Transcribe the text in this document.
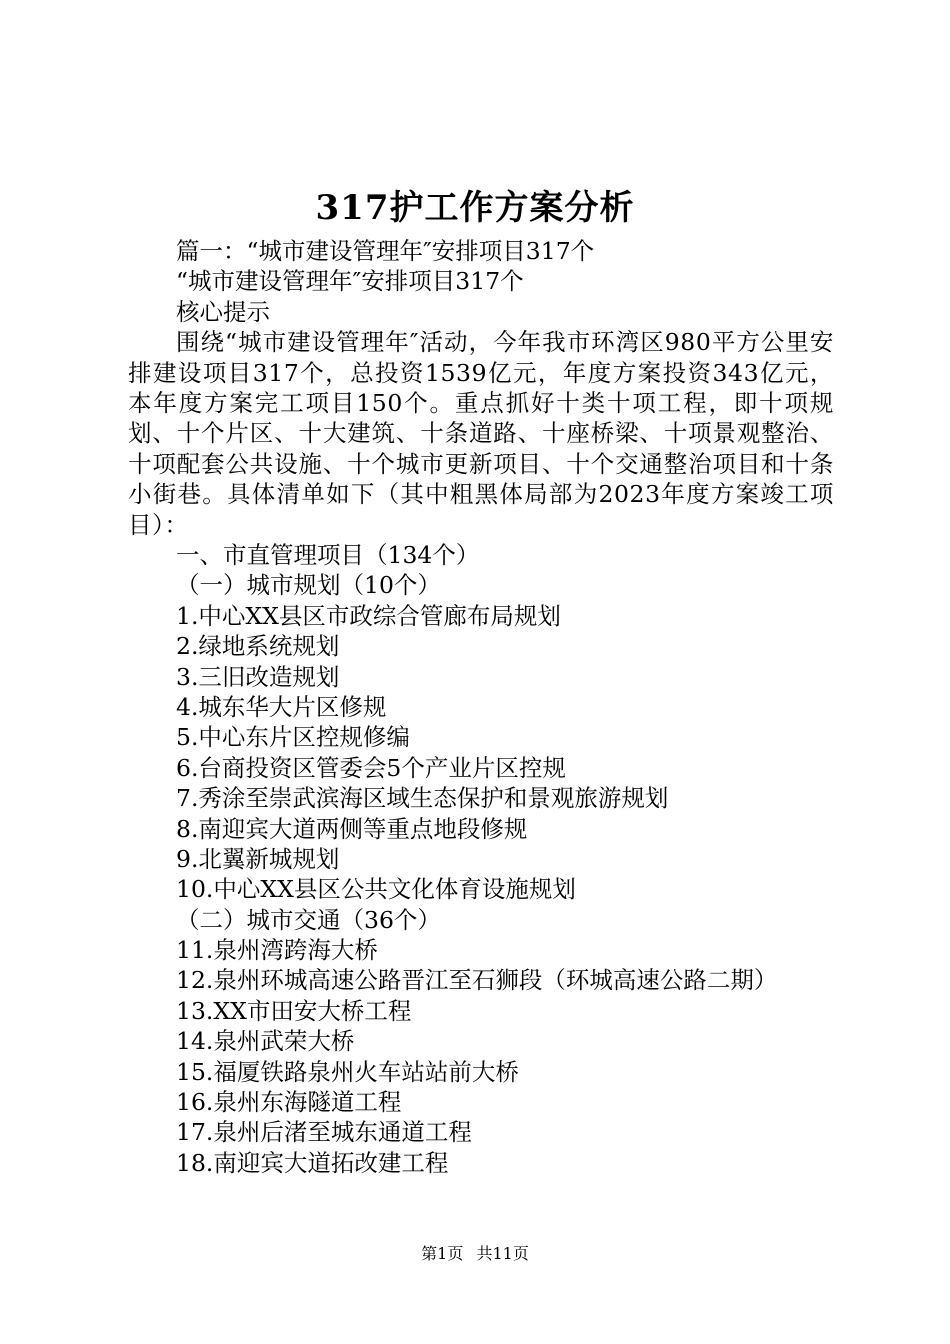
317护工作方案分析
篇一：“城市建设管理年″安排项目317个
“城市建设管理年″安排项目317个
核心提示
围绕“城市建设管理年″活动，今年我市环湾区980平方公里安排建设项目317个，总投资1539亿元，年度方案投资343亿元，本年度方案完工项目150个。重点抓好十类十项工程，即十项规划、十个片区、十大建筑、十条道路、十座桥梁、十项景观整治、十项配套公共设施、十个城市更新项目、十个交通整治项目和十条小街巷。具体清单如下（其中粗黑体局部为2023年度方案竣工项目）：
一、市直管理项目（134个）
（一）城市规划（10个）
1.中心XX县区市政综合管廊布局规划
2.绿地系统规划
3.三旧改造规划
4.城东华大片区修规
5.中心东片区控规修编
6.台商投资区管委会5个产业片区控规
7.秀涂至崇武滨海区域生态保护和景观旅游规划
8.南迎宾大道两侧等重点地段修规
9.北翼新城规划
10.中心XX县区公共文化体育设施规划
（二）城市交通（36个）
11.泉州湾跨海大桥
12.泉州环城高速公路晋江至石狮段（环城高速公路二期）
13.XX市田安大桥工程
14.泉州武荣大桥
15.福厦铁路泉州火车站站前大桥
16.泉州东海隧道工程
17.泉州后渚至城东通道工程
18.南迎宾大道拓改建工程
第1页 共11页
